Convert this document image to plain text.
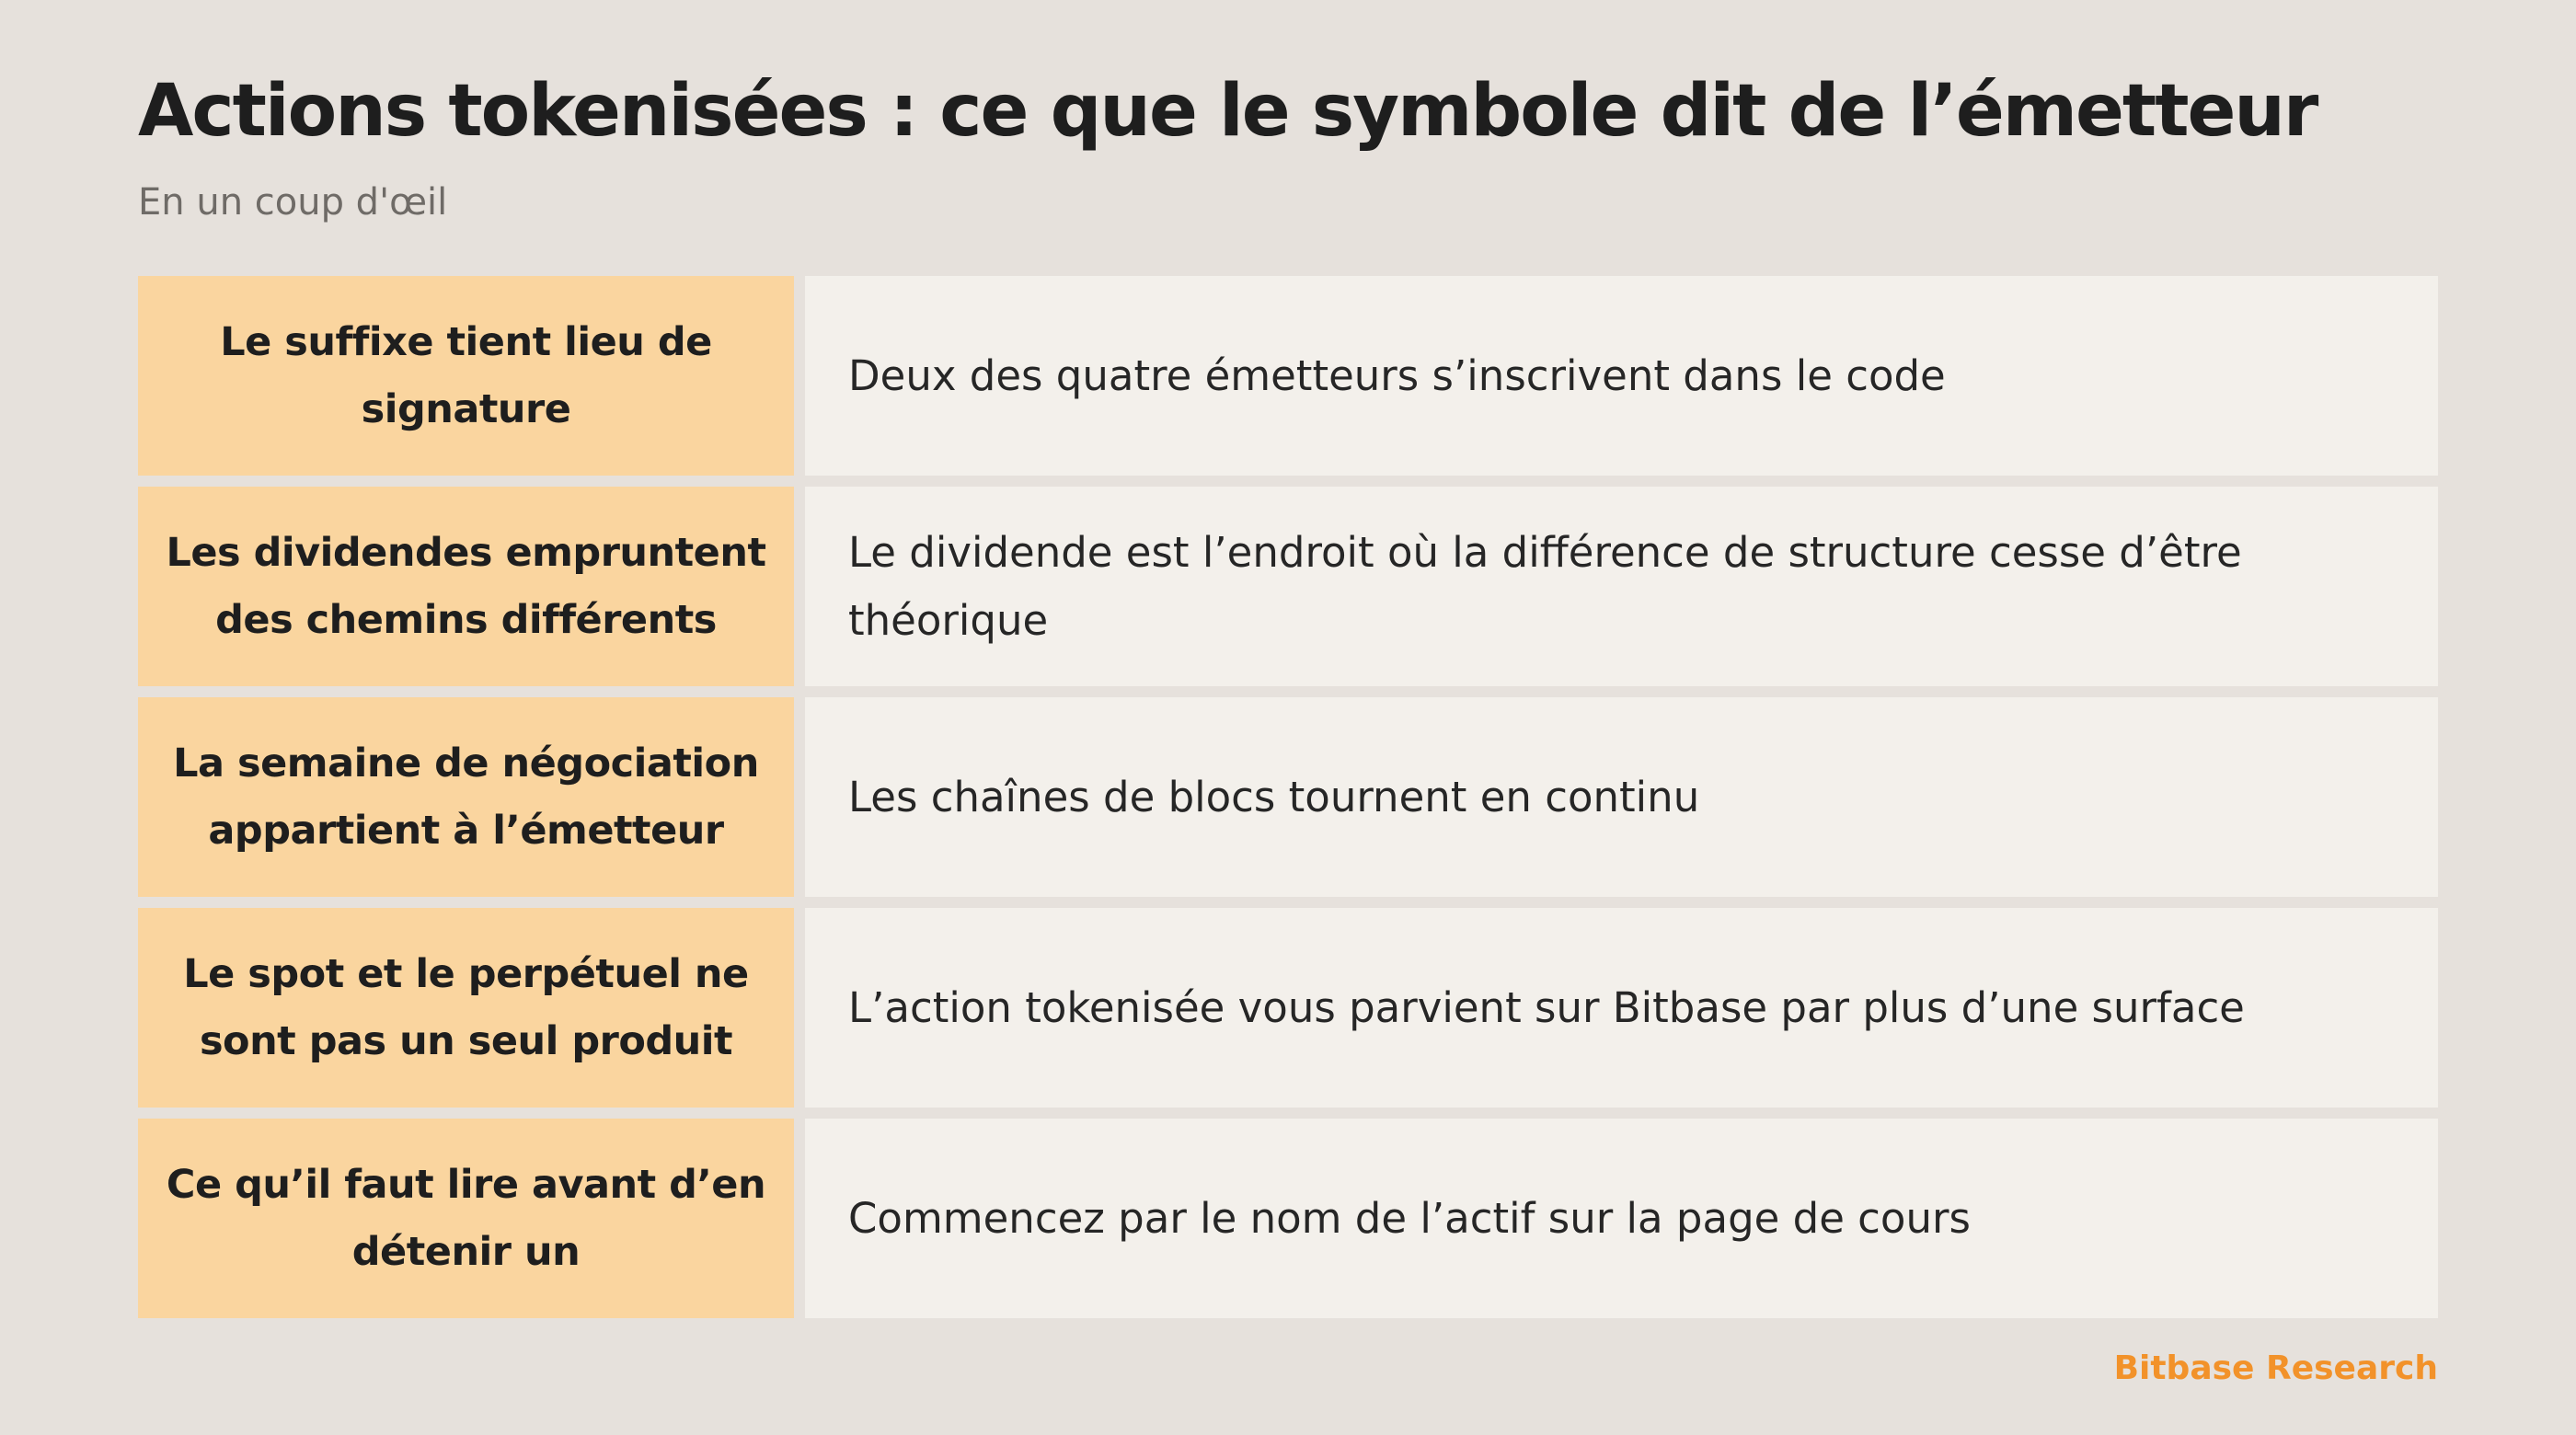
Actions tokenisées : ce que le symbole dit de l’émetteur
En un coup d'œil
Le suffixe tient lieu de signature
Deux des quatre émetteurs s’inscrivent dans le code
Les dividendes empruntent des chemins différents
Le dividende est l’endroit où la différence de structure cesse d’être théorique
La semaine de négociation appartient à l’émetteur
Les chaînes de blocs tournent en continu
Le spot et le perpétuel ne sont pas un seul produit
L’action tokenisée vous parvient sur Bitbase par plus d’une surface
Ce qu’il faut lire avant d’en détenir un
Commencez par le nom de l’actif sur la page de cours
Bitbase Research
